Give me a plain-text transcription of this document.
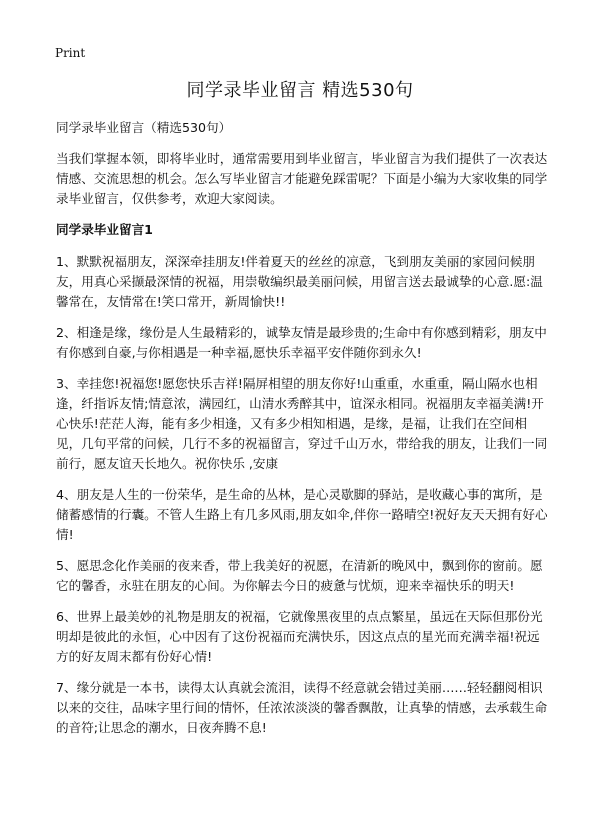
Print
同学录毕业留言 精选530句

同学录毕业留言（精选530句）

当我们掌握本领，即将毕业时，通常需要用到毕业留言，毕业留言为我们提供了一次表达情感、交流思想的机会。怎么写毕业留言才能避免踩雷呢？下面是小编为大家收集的同学录毕业留言，仅供参考，欢迎大家阅读。

同学录毕业留言1

1、默默祝福朋友，深深牵挂朋友!伴着夏天的丝丝的凉意，飞到朋友美丽的家园问候朋友，用真心采撷最深情的祝福，用崇敬编织最美丽问候，用留言送去最诚挚的心意.愿:温馨常在，友情常在!笑口常开，新周愉快!!

2、相逢是缘，缘份是人生最精彩的，诚挚友情是最珍贵的;生命中有你感到精彩，朋友中有你感到自豪,与你相遇是一种幸福,愿快乐幸福平安伴随你到永久!

3、幸挂您!祝福您!愿您快乐吉祥!隔屏相望的朋友你好!山重重，水重重，隔山隔水也相逢，纤指诉友情;情意浓，满园红，山清水秀醉其中，谊深永相同。祝福朋友幸福美满!开心快乐!茫茫人海，能有多少相逢，又有多少相知相遇，是缘，是福，让我们在空间相见，几句平常的问候，几行不多的祝福留言，穿过千山万水，带给我的朋友，让我们一同前行，愿友谊天长地久。祝你快乐 ,安康

4、朋友是人生的一份荣华，是生命的丛林，是心灵歇脚的驿站，是收藏心事的寓所，是储蓄感情的行囊。不管人生路上有几多风雨,朋友如伞,伴你一路晴空!祝好友天天拥有好心情!

5、愿思念化作美丽的夜来香，带上我美好的祝愿，在清新的晚风中，飘到你的窗前。愿它的馨香，永驻在朋友的心间。为你解去今日的疲惫与忧烦，迎来幸福快乐的明天!

6、世界上最美妙的礼物是朋友的祝福，它就像黑夜里的点点繁星，虽远在天际但那份光明却是彼此的永恒，心中因有了这份祝福而充满快乐，因这点点的星光而充满幸福!祝远方的好友周末都有份好心情!

7、缘分就是一本书，读得太认真就会流泪，读得不经意就会错过美丽……轻轻翻阅相识以来的交往，品味字里行间的情怀，任浓浓淡淡的馨香飘散，让真挚的情感，去承载生命的音符;让思念的潮水，日夜奔腾不息!
